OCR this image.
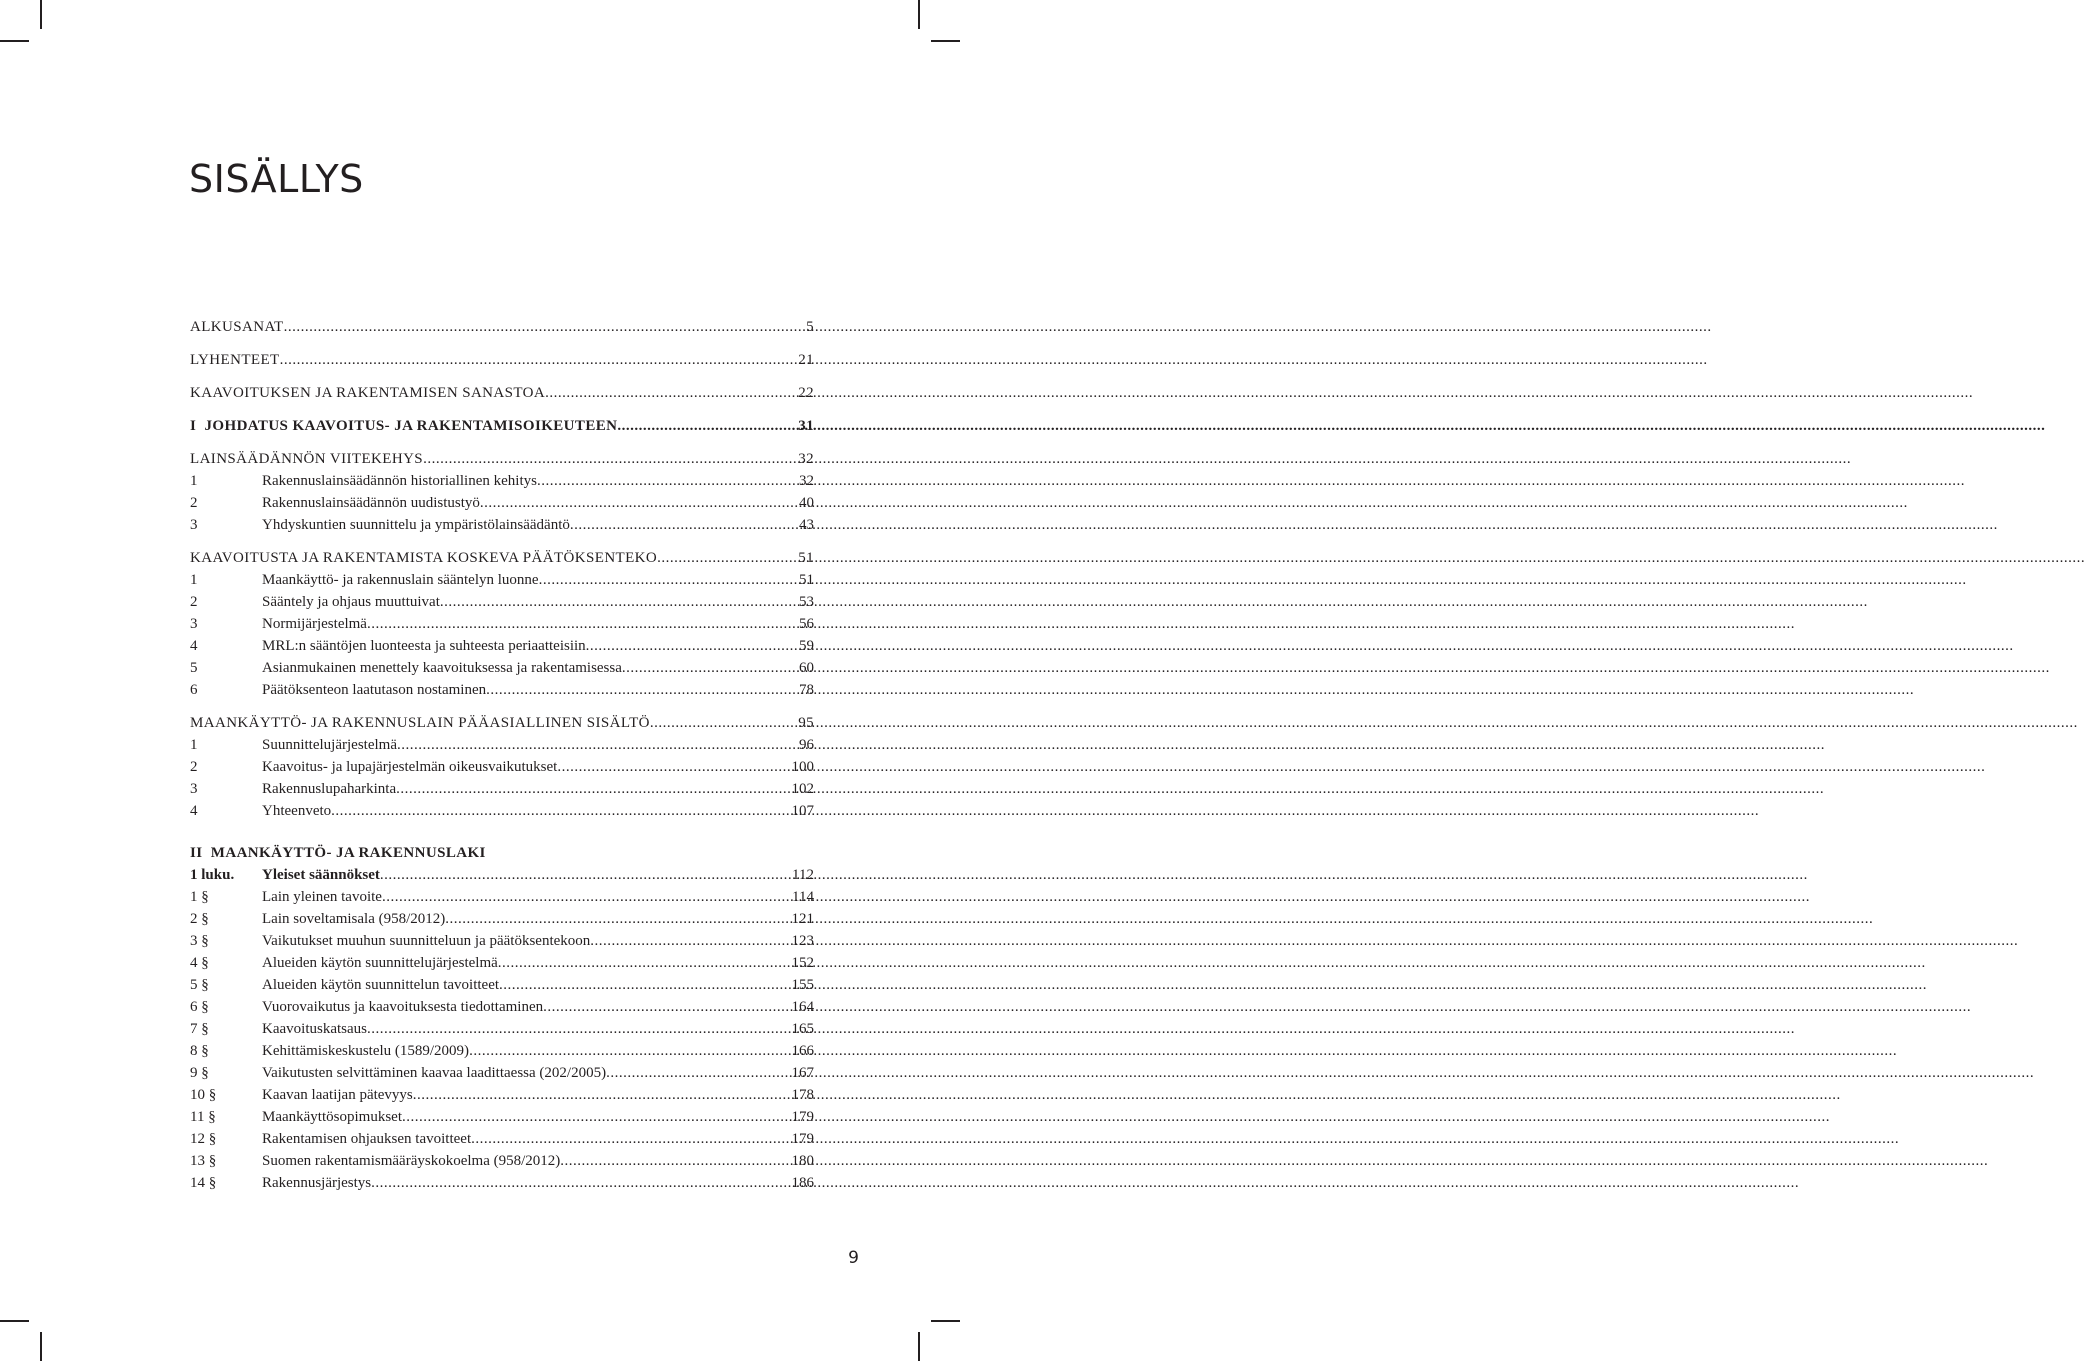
SISÄLLYS
ALKUSANAT .....	5
LYHENTEET .....	21
KAAVOITUKSEN JA RAKENTAMISEN SANASTOA .....	22
I  JOHDATUS KAAVOITUS- JA RAKENTAMISOIKEUTEEN .....	31
LAINSÄÄDÄNNÖN VIITEKEHYS .....	32
1	Rakennuslainsäädännön historiallinen kehitys .....	32
2	Rakennuslainsäädännön uudistustyö .....	40
3	Yhdyskuntien suunnittelu ja ympäristölainsäädäntö .....	43
KAAVOITUSTA JA RAKENTAMISTA KOSKEVA PÄÄTÖKSENTEKO .....	51
1	Maankäyttö- ja rakennuslain sääntelyn luonne .....	51
2	Sääntely ja ohjaus muuttuivat .....	53
3	Normijärjestelmä .....	56
4	MRL:n sääntöjen luonteesta ja suhteesta periaatteisiin .....	59
5	Asianmukainen menettely kaavoituksessa ja rakentamisessa .....	60
6	Päätöksenteon laatutason nostaminen .....	78
MAANKÄYTTÖ- JA RAKENNUSLAIN PÄÄASIALLINEN SISÄLTÖ .....	95
1	Suunnittelujärjestelmä .....	96
2	Kaavoitus- ja lupajärjestelmän oikeusvaikutukset .....	100
3	Rakennuslupaharkinta .....	102
4	Yhteenveto .....	107
II  MAANKÄYTTÖ- JA RAKENNUSLAKI
1 luku.	Yleiset säännökset .....	112
1 §	Lain yleinen tavoite .....	114
2 §	Lain soveltamisala (958/2012) .....	121
3 §	Vaikutukset muuhun suunnitteluun ja päätöksentekoon .....	123
4 §	Alueiden käytön suunnittelujärjestelmä .....	152
5 §	Alueiden käytön suunnittelun tavoitteet .....	155
6 §	Vuorovaikutus ja kaavoituksesta tiedottaminen .....	164
7 §	Kaavoituskatsaus .....	165
8 §	Kehittämiskeskustelu (1589/2009) .....	166
9 §	Vaikutusten selvittäminen kaavaa laadittaessa (202/2005) .....	167
10 §	Kaavan laatijan pätevyys .....	178
11 §	Maankäyttösopimukset .....	179
12 §	Rakentamisen ohjauksen tavoitteet .....	179
13 §	Suomen rakentamismääräyskokoelma (958/2012) .....	180
14 §	Rakennusjärjestys .....	186
9
